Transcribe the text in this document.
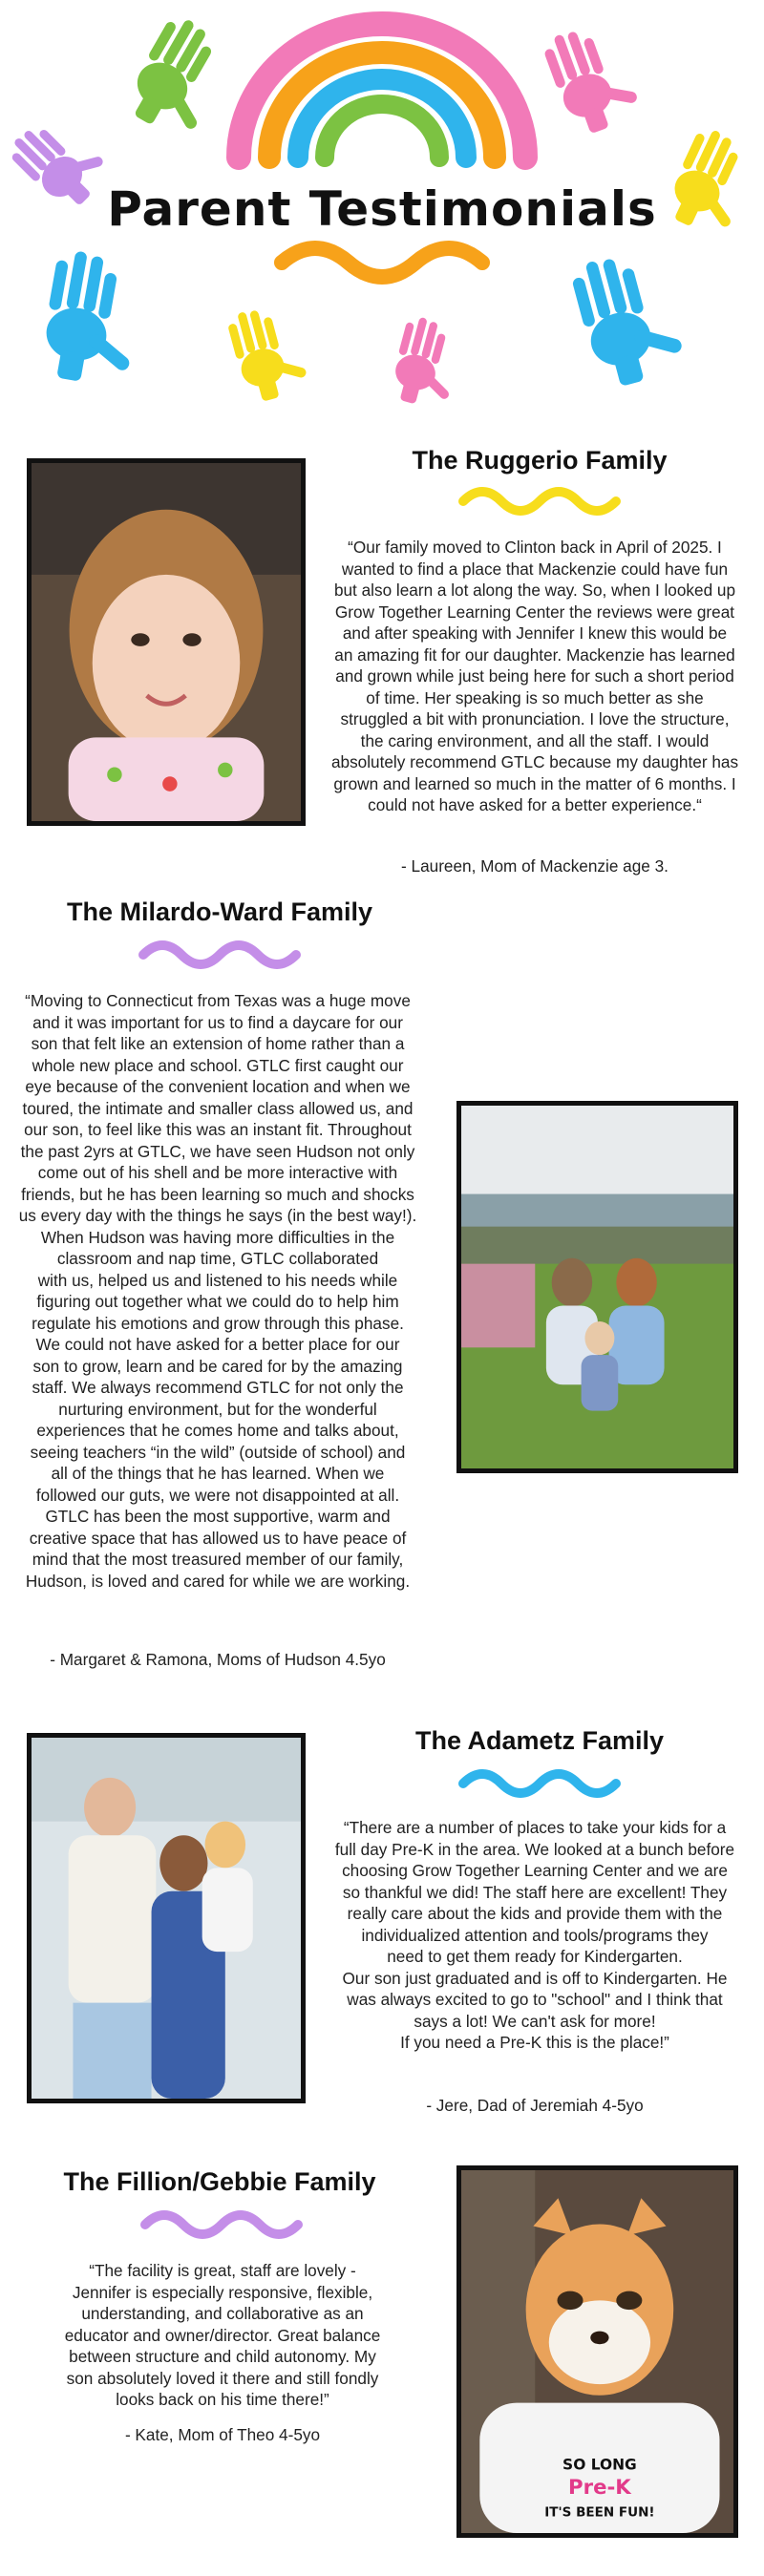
Parent Testimonials
The Ruggerio Family
“Our family moved to Clinton back in April of 2025. I
wanted to find a place that Mackenzie could have fun
but also learn a lot along the way. So, when I looked up
Grow Together Learning Center the reviews were great
and after speaking with Jennifer I knew this would be
an amazing fit for our daughter. Mackenzie has learned
and grown while just being here for such a short period
of time. Her speaking is so much better as she
struggled a bit with pronunciation. I love the structure,
the caring environment, and all the staff. I would
absolutely recommend GTLC because my daughter has
grown and learned so much in the matter of 6 months. I
could not have asked for a better experience.“
- Laureen, Mom of Mackenzie age 3.
The Milardo-Ward Family
“Moving to Connecticut from Texas was a huge move
and it was important for us to find a daycare for our
son that felt like an extension of home rather than a
whole new place and school. GTLC first caught our
eye because of the convenient location and when we
toured, the intimate and smaller class allowed us, and
our son, to feel like this was an instant fit. Throughout
the past 2yrs at GTLC, we have seen Hudson not only
come out of his shell and be more interactive with
friends, but he has been learning so much and shocks
us every day with the things he says (in the best way!).
When Hudson was having more difficulties in the
classroom and nap time, GTLC collaborated
with us, helped us and listened to his needs while
figuring out together what we could do to help him
regulate his emotions and grow through this phase.
We could not have asked for a better place for our
son to grow, learn and be cared for by the amazing
staff. We always recommend GTLC for not only the
nurturing environment, but for the wonderful
experiences that he comes home and talks about,
seeing teachers “in the wild” (outside of school) and
all of the things that he has learned. When we
followed our guts, we were not disappointed at all.
GTLC has been the most supportive, warm and
creative space that has allowed us to have peace of
mind that the most treasured member of our family,
Hudson, is loved and cared for while we are working.
- Margaret & Ramona, Moms of Hudson 4.5yo
The Adametz Family
“There are a number of places to take your kids for a
full day Pre-K in the area. We looked at a bunch before
choosing Grow Together Learning Center and we are
so thankful we did! The staff here are excellent! They
really care about the kids and provide them with the
individualized attention and tools/programs they
need to get them ready for Kindergarten.
Our son just graduated and is off to Kindergarten. He
was always excited to go to "school" and I think that
says a lot! We can't ask for more!
If you need a Pre-K this is the place!”
- Jere, Dad of Jeremiah 4-5yo
The Fillion/Gebbie Family
“The facility is great, staff are lovely -
Jennifer is especially responsive, flexible,
understanding, and collaborative as an
educator and owner/director. Great balance
between structure and child autonomy. My
son absolutely loved it there and still fondly
looks back on his time there!”
- Kate, Mom of Theo 4-5yo
SO LONG
Pre-K
IT'S BEEN FUN!
